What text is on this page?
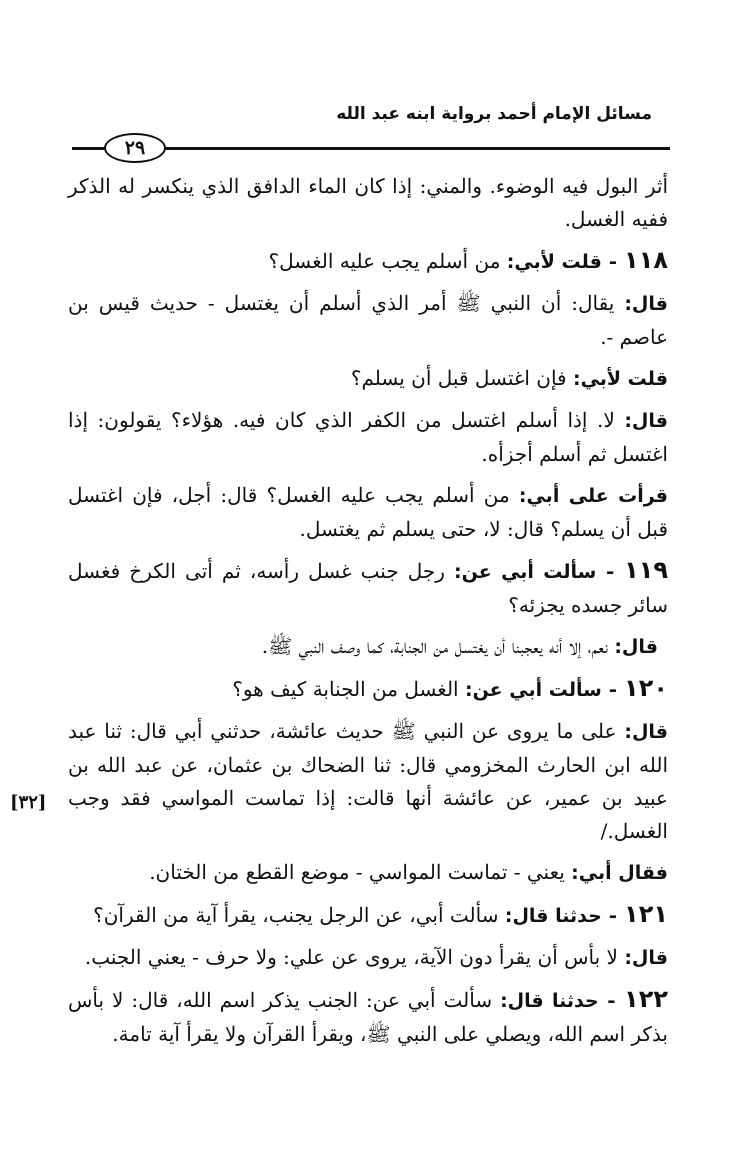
مسائل الإمام أحمد برواية ابنه عبد الله
٢٩
[٣٢]

أثر البول فيه الوضوء. والمني: إذا كان الماء الدافق الذي ينكسر له الذكر ففيه الغسل.

١١٨ - قلت لأبي: من أسلم يجب عليه الغسل؟

قال: يقال: أن النبي ﷺ أمر الذي أسلم أن يغتسل - حديث قيس بن عاصم -.

قلت لأبي: فإن اغتسل قبل أن يسلم؟

قال: لا. إذا أسلم اغتسل من الكفر الذي كان فيه. هؤلاء؟ يقولون: إذا اغتسل ثم أسلم أجزأه.

قرأت على أبي: من أسلم يجب عليه الغسل؟ قال: أجل، فإن اغتسل قبل أن يسلم؟ قال: لا، حتى يسلم ثم يغتسل.

١١٩ - سألت أبي عن: رجل جنب غسل رأسه، ثم أتى الكرخ فغسل سائر جسده يجزئه؟

قال: نعم، إلا أنه يعجبنا أن يغتسل من الجنابة، كما وصف النبي ﷺ.

١٢٠ - سألت أبي عن: الغسل من الجنابة كيف هو؟

قال: على ما يروى عن النبي ﷺ حديث عائشة، حدثني أبي قال: ثنا عبد الله ابن الحارث المخزومي قال: ثنا الضحاك بن عثمان، عن عبد الله بن عبيد بن عمير، عن عائشة أنها قالت: إذا تماست المواسي فقد وجب الغسل./

فقال أبي: يعني - تماست المواسي - موضع القطع من الختان.

١٢١ - حدثنا قال: سألت أبي، عن الرجل يجنب، يقرأ آية من القرآن؟

قال: لا بأس أن يقرأ دون الآية، يروى عن علي: ولا حرف - يعني الجنب.

١٢٢ - حدثنا قال: سألت أبي عن: الجنب يذكر اسم الله، قال: لا بأس بذكر اسم الله، ويصلي على النبي ﷺ، ويقرأ القرآن ولا يقرأ آية تامة.
